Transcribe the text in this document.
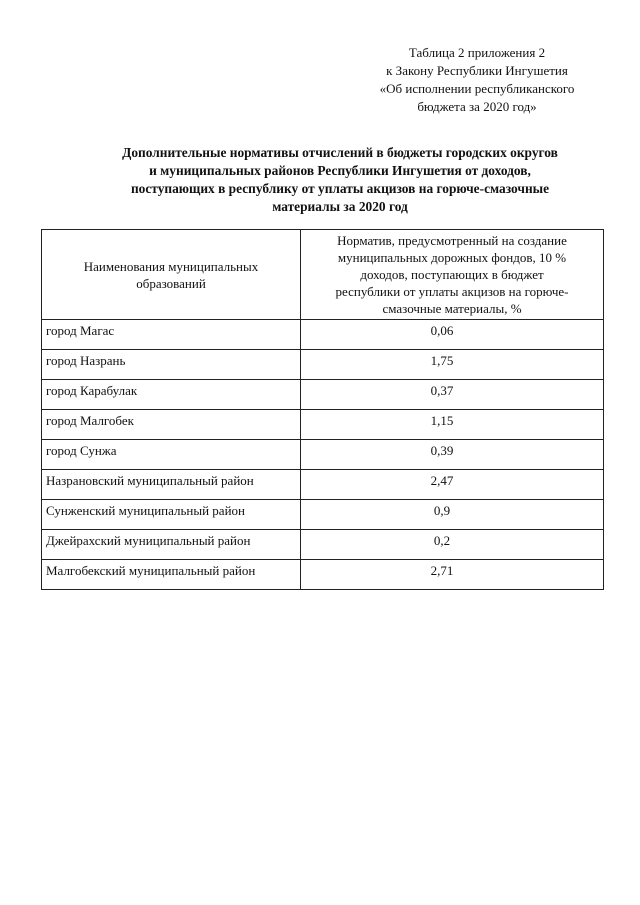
Таблица 2 приложения 2
к Закону Республики Ингушетия
«Об исполнении республиканского
бюджета за 2020 год»
Дополнительные нормативы отчислений в бюджеты городских округов
и муниципальных районов Республики Ингушетия от доходов,
поступающих в республику от уплаты акцизов на горюче-смазочные
материалы за 2020 год
Наименования муниципальных
образований	Норматив, предусмотренный на создание
муниципальных дорожных фондов, 10 %
доходов, поступающих в бюджет
республики от уплаты акцизов на горюче-
смазочные материалы, %

город Магас	0,06
город Назрань	1,75
город Карабулак	0,37
город Малгобек	1,15
город Сунжа	0,39
Назрановский муниципальный район	2,47
Сунженский муниципальный район	0,9
Джейрахский муниципальный район	0,2
Малгобекский муниципальный район	2,71
